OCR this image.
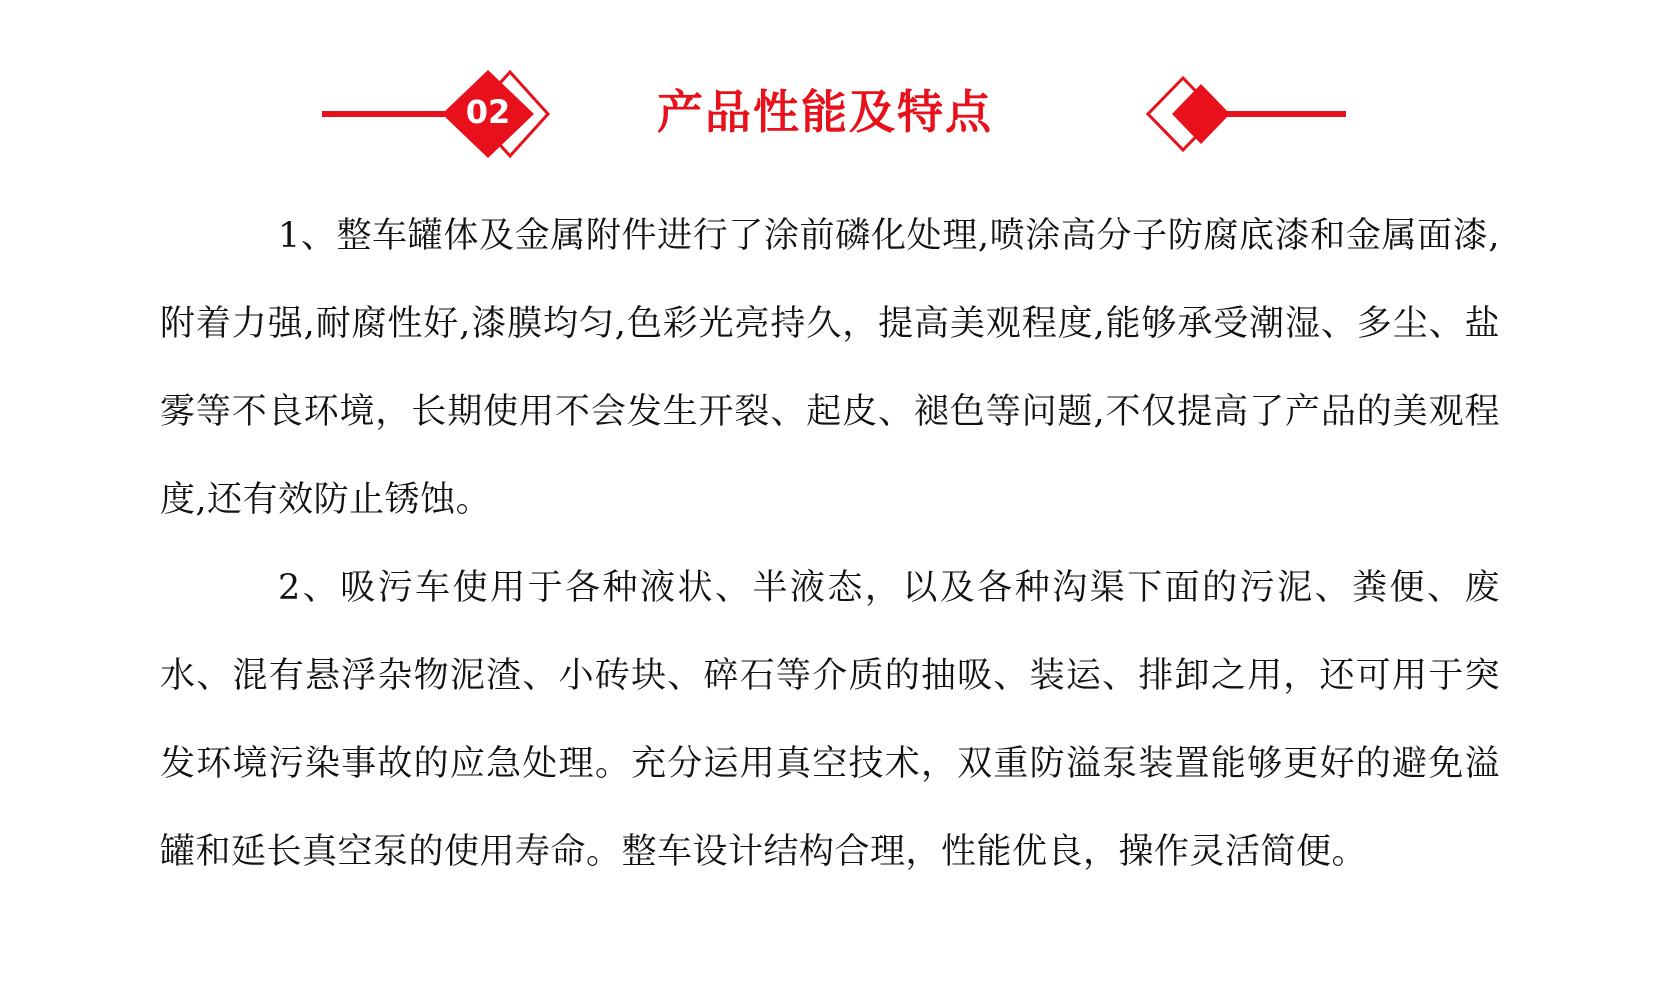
02	产品性能及特点

1、整车罐体及金属附件进行了涂前磷化处理,喷涂高分子防腐底漆和金属面漆, 附着力强,耐腐性好,漆膜均匀,色彩光亮持久，提高美观程度,能够承受潮湿、多尘、盐雾等不良环境，长期使用不会发生开裂、起皮、褪色等问题,不仅提高了产品的美观程度,还有效防止锈蚀。

2、吸污车使用于各种液状、半液态，以及各种沟渠下面的污泥、粪便、废水、混有悬浮杂物泥渣、小砖块、碎石等介质的抽吸、装运、排卸之用，还可用于突发环境污染事故的应急处理。充分运用真空技术，双重防溢泵装置能够更好的避免溢罐和延长真空泵的使用寿命。整车设计结构合理，性能优良，操作灵活简便。
